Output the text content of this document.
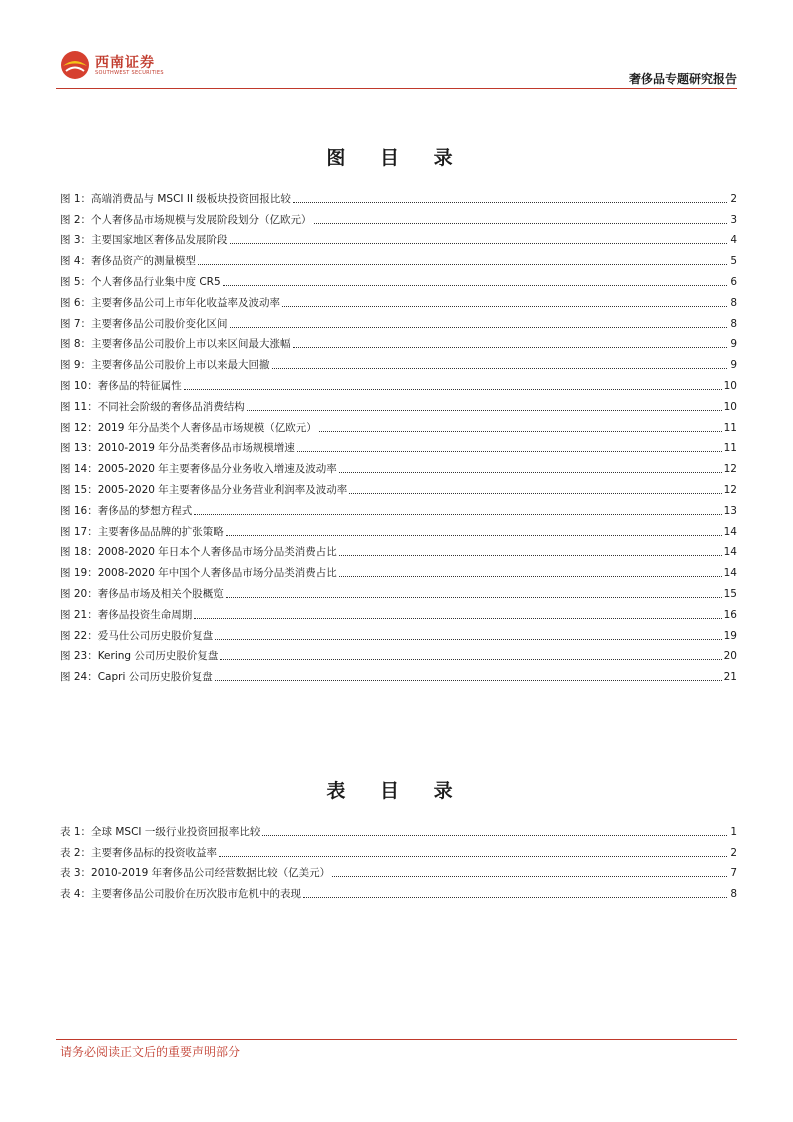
西南证券
SOUTHWEST SECURITIES	奢侈品专题研究报告
图 目 录
图 1：高端消费品与 MSCI II 级板块投资回报比较	2
图 2：个人奢侈品市场规模与发展阶段划分（亿欧元）	3
图 3：主要国家地区奢侈品发展阶段	4
图 4：奢侈品资产的测量模型	5
图 5：个人奢侈品行业集中度 CR5	6
图 6：主要奢侈品公司上市年化收益率及波动率	8
图 7：主要奢侈品公司股价变化区间	8
图 8：主要奢侈品公司股价上市以来区间最大涨幅	9
图 9：主要奢侈品公司股价上市以来最大回撤	9
图 10：奢侈品的特征属性	10
图 11：不同社会阶级的奢侈品消费结构	10
图 12：2019 年分品类个人奢侈品市场规模（亿欧元）	11
图 13：2010-2019 年分品类奢侈品市场规模增速	11
图 14：2005-2020 年主要奢侈品分业务收入增速及波动率	12
图 15：2005-2020 年主要奢侈品分业务营业利润率及波动率	12
图 16：奢侈品的梦想方程式	13
图 17：主要奢侈品品牌的扩张策略	14
图 18：2008-2020 年日本个人奢侈品市场分品类消费占比	14
图 19：2008-2020 年中国个人奢侈品市场分品类消费占比	14
图 20：奢侈品市场及相关个股概览	15
图 21：奢侈品投资生命周期	16
图 22：爱马仕公司历史股价复盘	19
图 23：Kering 公司历史股价复盘	20
图 24：Capri 公司历史股价复盘	21
表 目 录
表 1：全球 MSCI 一级行业投资回报率比较	1
表 2：主要奢侈品标的投资收益率	2
表 3：2010-2019 年奢侈品公司经营数据比较（亿美元）	7
表 4：主要奢侈品公司股价在历次股市危机中的表现	8
请务必阅读正文后的重要声明部分
